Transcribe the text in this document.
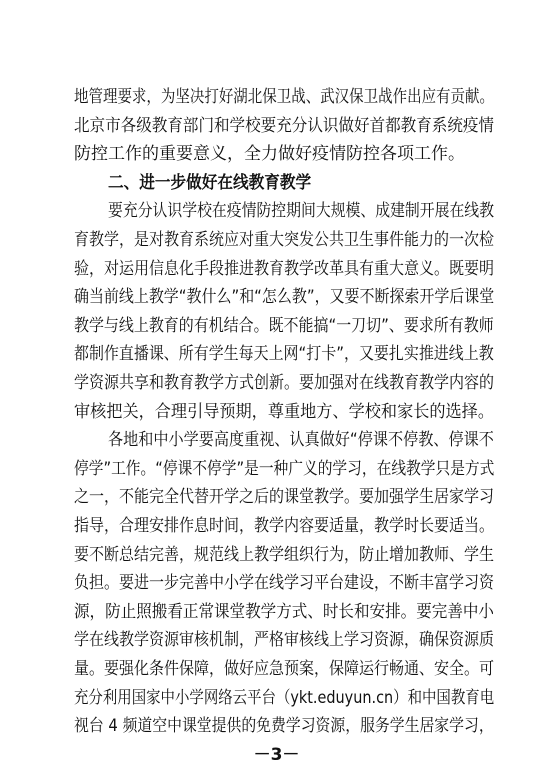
地管理要求，为坚决打好湖北保卫战、武汉保卫战作出应有贡献。
北京市各级教育部门和学校要充分认识做好首都教育系统疫情
防控工作的重要意义，全力做好疫情防控各项工作。
二、进一步做好在线教育教学
要充分认识学校在疫情防控期间大规模、成建制开展在线教
育教学，是对教育系统应对重大突发公共卫生事件能力的一次检
验，对运用信息化手段推进教育教学改革具有重大意义。既要明
确当前线上教学“教什么”和“怎么教”，又要不断探索开学后课堂
教学与线上教育的有机结合。既不能搞“一刀切”、要求所有教师
都制作直播课、所有学生每天上网“打卡”，又要扎实推进线上教
学资源共享和教育教学方式创新。要加强对在线教育教学内容的
审核把关，合理引导预期，尊重地方、学校和家长的选择。
各地和中小学要高度重视、认真做好“停课不停教、停课不
停学”工作。“停课不停学”是一种广义的学习，在线教学只是方式
之一，不能完全代替开学之后的课堂教学。要加强学生居家学习
指导，合理安排作息时间，教学内容要适量，教学时长要适当。
要不断总结完善，规范线上教学组织行为，防止增加教师、学生
负担。要进一步完善中小学在线学习平台建设，不断丰富学习资
源，防止照搬看正常课堂教学方式、时长和安排。要完善中小
学在线教学资源审核机制，严格审核线上学习资源，确保资源质
量。要强化条件保障，做好应急预案，保障运行畅通、安全。可
充分利用国家中小学网络云平台（ykt.eduyun.cn）和中国教育电
视台 4 频道空中课堂提供的免费学习资源，服务学生居家学习，
－3－
